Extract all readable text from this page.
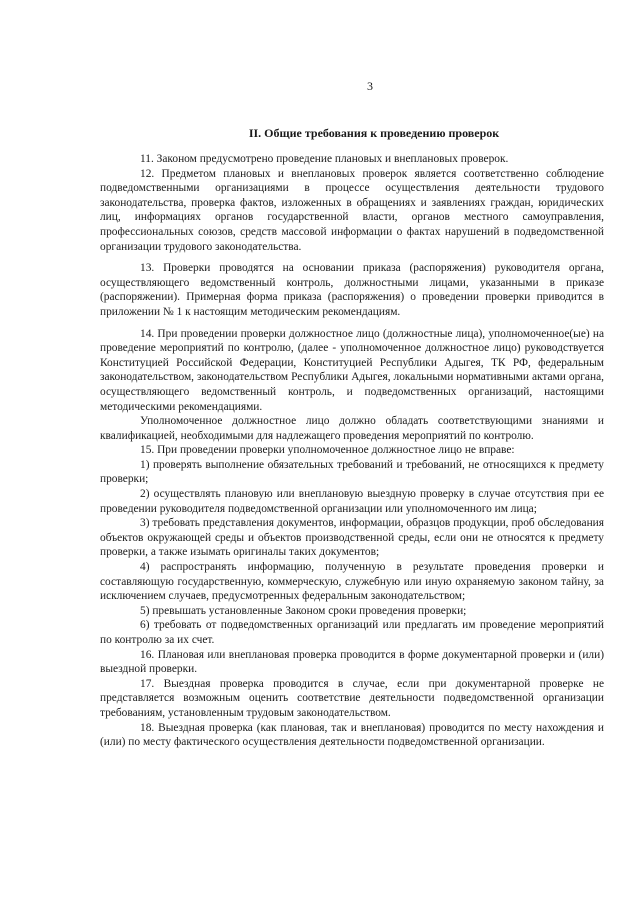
3
II. Общие требования к проведению проверок

11. Законом предусмотрено проведение плановых и внеплановых проверок.

12. Предметом плановых и внеплановых проверок является соответственно соблюдение подведомственными организациями в процессе осуществления деятельности трудового законодательства, проверка фактов, изложенных в обращениях и заявлениях граждан, юридических лиц, информациях органов государственной власти, органов местного самоуправления, профессиональных союзов, средств массовой информации о фактах нарушений в подведомственной организации трудового законодательства.

13. Проверки проводятся на основании приказа (распоряжения) руководителя органа, осуществляющего ведомственный контроль, должностными лицами, указанными в приказе (распоряжении). Примерная форма приказа (распоряжения) о проведении проверки приводится в приложении № 1 к настоящим методическим рекомендациям.

14. При проведении проверки должностное лицо (должностные лица), уполномоченное(ые) на проведение мероприятий по контролю, (далее - уполномоченное должностное лицо) руководствуется Конституцией Российской Федерации, Конституцией Республики Адыгея, ТК РФ, федеральным законодательством, законодательством Республики Адыгея, локальными нормативными актами органа, осуществляющего ведомственный контроль, и подведомственных организаций, настоящими методическими рекомендациями.

Уполномоченное должностное лицо должно обладать соответствующими знаниями и квалификацией, необходимыми для надлежащего проведения мероприятий по контролю.

15. При проведении проверки уполномоченное должностное лицо не вправе:

1) проверять выполнение обязательных требований и требований, не относящихся к предмету проверки;

2) осуществлять плановую или внеплановую выездную проверку в случае отсутствия при ее проведении руководителя подведомственной организации или уполномоченного им лица;

3) требовать представления документов, информации, образцов продукции, проб обследования объектов окружающей среды и объектов производственной среды, если они не относятся к предмету проверки, а также изымать оригиналы таких документов;

4) распространять информацию, полученную в результате проведения проверки и составляющую государственную, коммерческую, служебную или иную охраняемую законом тайну, за исключением случаев, предусмотренных федеральным законодательством;

5) превышать установленные Законом сроки проведения проверки;

6) требовать от подведомственных организаций или предлагать им проведение мероприятий по контролю за их счет.

16. Плановая или внеплановая проверка проводится в форме документарной проверки и (или) выездной проверки.

17. Выездная проверка проводится в случае, если при документарной проверке не представляется возможным оценить соответствие деятельности подведомственной организации требованиям, установленным трудовым законодательством.

18. Выездная проверка (как плановая, так и внеплановая) проводится по месту нахождения и (или) по месту фактического осуществления деятельности подведомственной организации.
